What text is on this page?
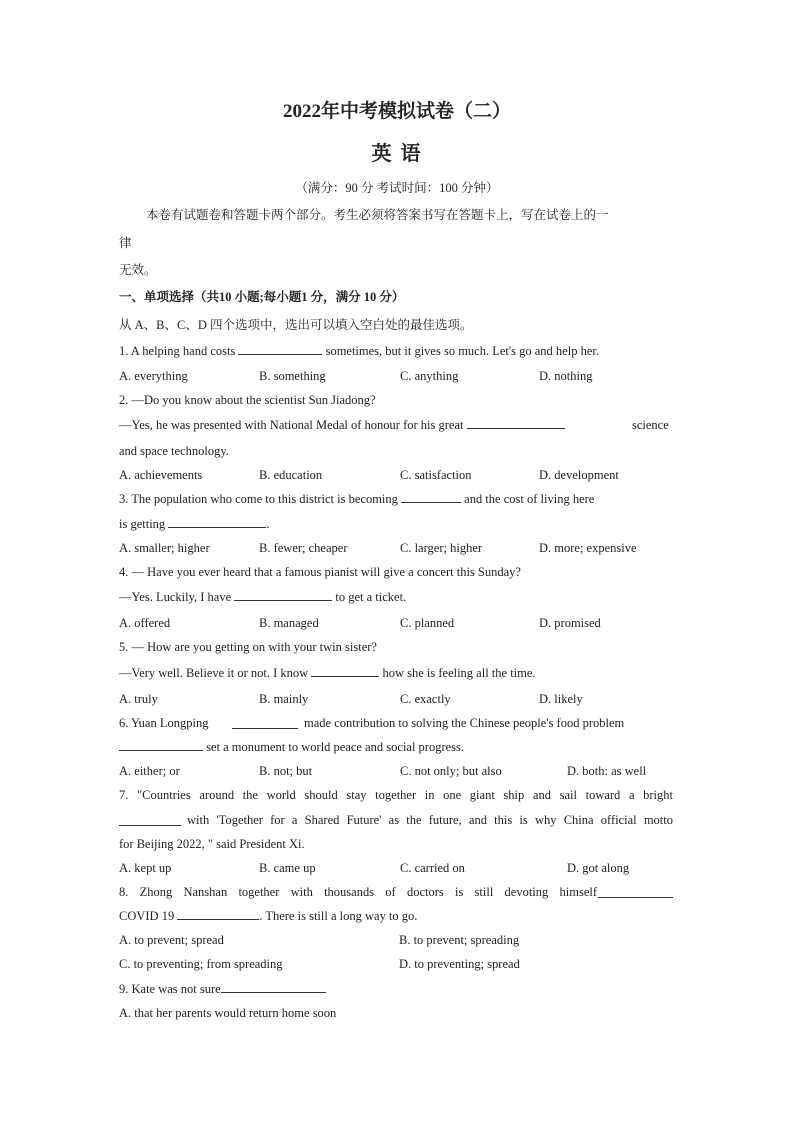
2022年中考模拟试卷（二）
英 语
（满分：90 分 考试时间：100 分钟）
本卷有试题卷和答题卡两个部分。考生必须将答案书写在答题卡上，写在试卷上的一
律
无效。
一、单项选择（共10 小题;每小题1 分，满分 10 分）
从 A、B、C、D 四个选项中，选出可以填入空白处的最佳选项。
1. A helping hand costs	sometimes, but it gives so much. Let's go and help her.
A. everything	B. something	C. anything	D. nothing
2. —Do you know about the scientist Sun Jiadong?
—Yes, he was presented with National Medal of honour for his great	science
and space technology.
A. achievements	B. education	C. satisfaction	D. development
3. The population who come to this district is becoming	and the cost of living here
is getting	.
A. smaller; higher	B. fewer; cheaper	C. larger; higher	D. more; expensive
4. — Have you ever heard that a famous pianist will give a concert this Sunday?
—Yes. Luckily, I have	to get a ticket.
A. offered	B. managed	C. planned	D. promised
5. — How are you getting on with your twin sister?
—Very well. Believe it or not. I know	how she is feeling all the time.
A. truly	B. mainly	C. exactly	D. likely
6. Yuan Longping	made contribution to solving the Chinese people's food problem
set a monument to world peace and social progress.
A. either; or	B. not; but	C. not only; but also	D. both: as well
7. "Countries around the world should stay together in one giant ship and sail toward a bright
with 'Together for a Shared Future' as the future, and this is why China official motto
for Beijing 2022, " said President Xi.
A. kept up	B. came up	C. carried on	D. got along
8. Zhong Nanshan together with thousands of doctors is still devoting himself
COVID 19	. There is still a long way to go.
A. to prevent; spread	B. to prevent; spreading
C. to preventing; from spreading	D. to preventing; spread
9. Kate was not sure
A. that her parents would return home soon
